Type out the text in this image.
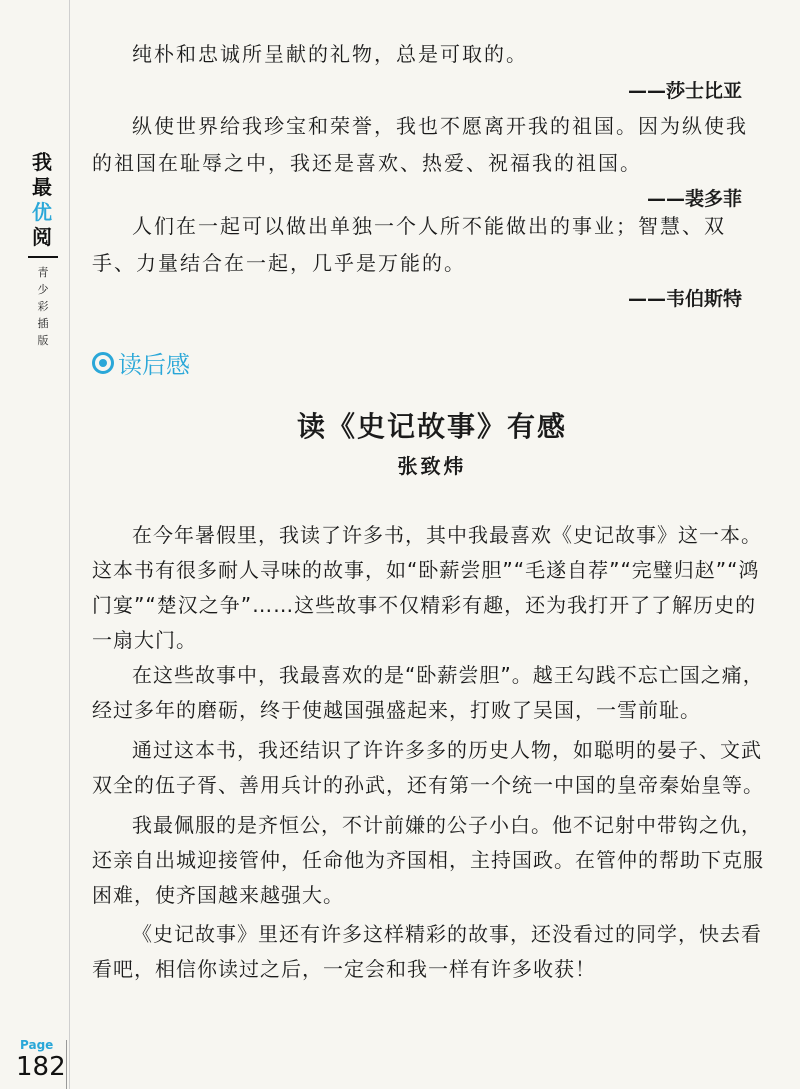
我
最
优
阅
青
少
彩
插
版

纯朴和忠诚所呈献的礼物，总是可取的。

——莎士比亚

纵使世界给我珍宝和荣誉，我也不愿离开我的祖国。因为纵使我的祖国在耻辱之中，我还是喜欢、热爱、祝福我的祖国。

——裴多菲

人们在一起可以做出单独一个人所不能做出的事业；智慧、双手、力量结合在一起，几乎是万能的。

——韦伯斯特
读后感
读《史记故事》有感
张致炜

在今年暑假里，我读了许多书，其中我最喜欢《史记故事》这一本。这本书有很多耐人寻味的故事，如“卧薪尝胆”“毛遂自荐”“完璧归赵”“鸿门宴”“楚汉之争”……这些故事不仅精彩有趣，还为我打开了了解历史的一扇大门。

在这些故事中，我最喜欢的是“卧薪尝胆”。越王勾践不忘亡国之痛，经过多年的磨砺，终于使越国强盛起来，打败了吴国，一雪前耻。

通过这本书，我还结识了许许多多的历史人物，如聪明的晏子、文武双全的伍子胥、善用兵计的孙武，还有第一个统一中国的皇帝秦始皇等。

我最佩服的是齐恒公，不计前嫌的公子小白。他不记射中带钩之仇，还亲自出城迎接管仲，任命他为齐国相，主持国政。在管仲的帮助下克服困难，使齐国越来越强大。

《史记故事》里还有许多这样精彩的故事，还没看过的同学，快去看看吧，相信你读过之后，一定会和我一样有许多收获！

Page
182
